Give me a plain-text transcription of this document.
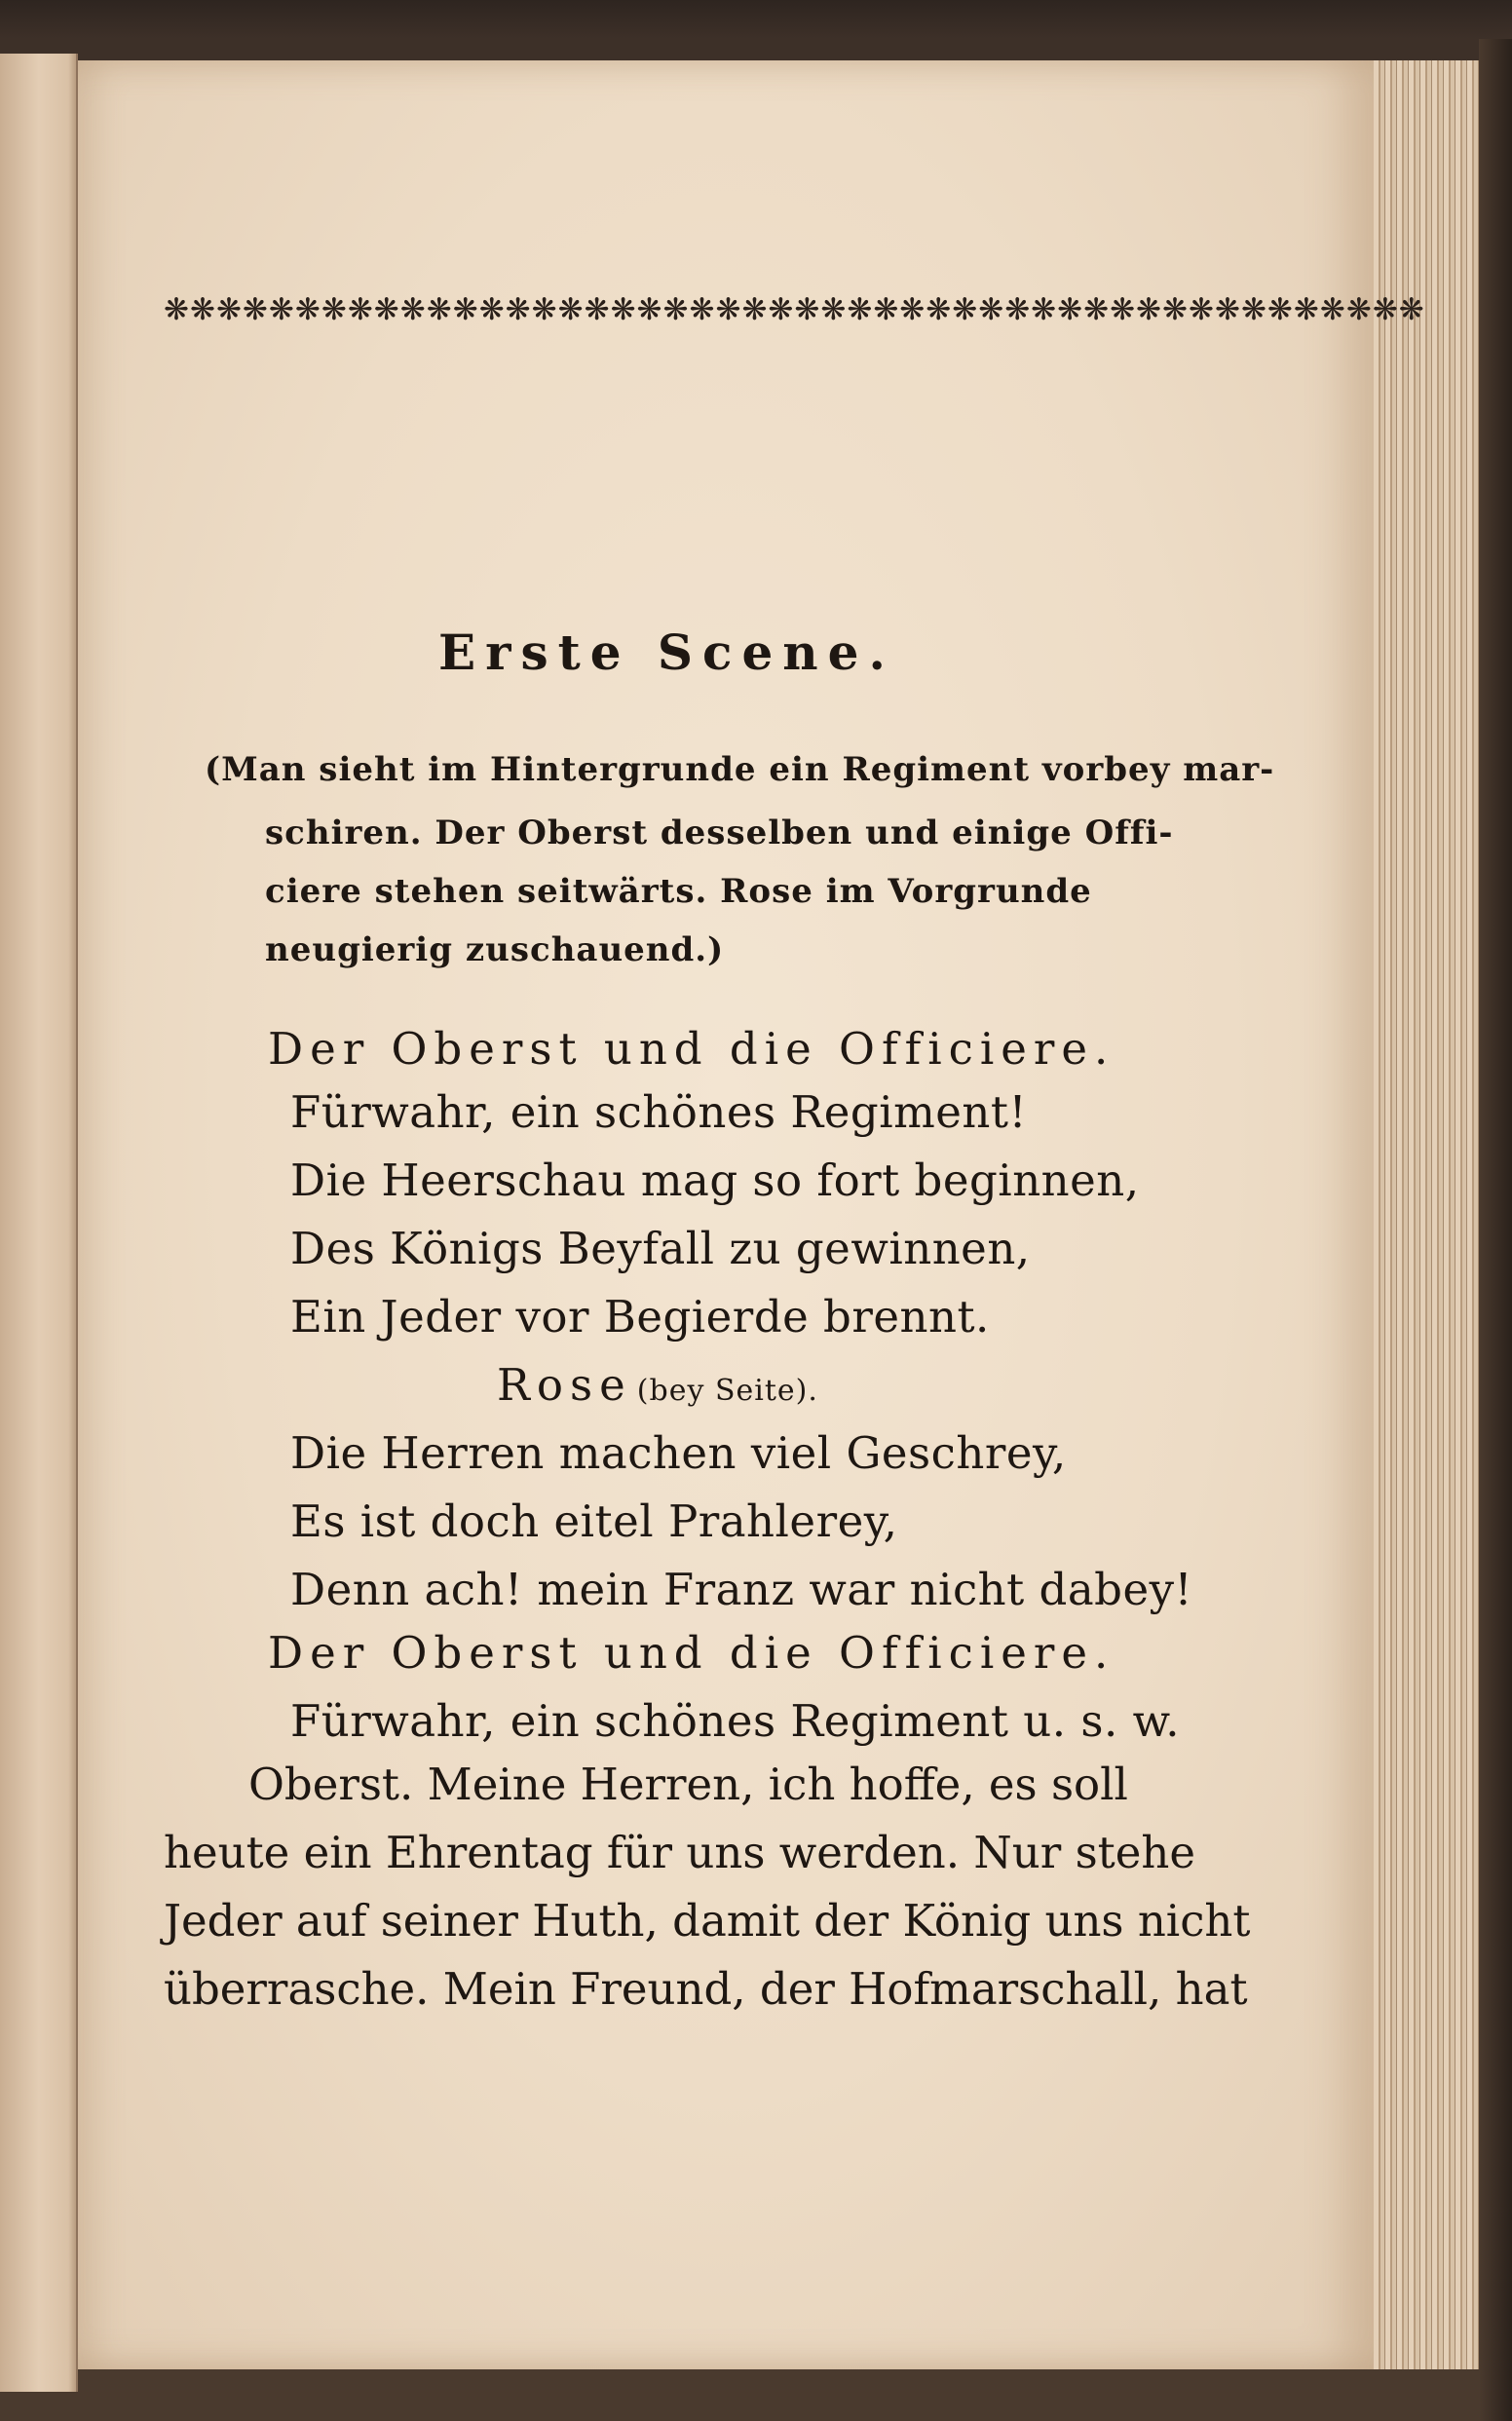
❋❋❋❋❋❋❋❋❋❋❋❋❋❋❋❋❋❋❋❋❋❋❋❋❋❋❋❋❋❋❋❋❋❋❋❋❋❋❋❋❋❋❋❋❋❋❋❋
Erste Scene.
(Man sieht im Hintergrunde ein Regiment vorbey mar-
schiren. Der Oberst desselben und einige Offi-
ciere stehen seitwärts. Rose im Vorgrunde
neugierig zuschauend.)
Der Oberst und die Officiere.
Fürwahr, ein schönes Regiment!
Die Heerschau mag so fort beginnen,
Des Königs Beyfall zu gewinnen,
Ein Jeder vor Begierde brennt.
Rose (bey Seite).
Die Herren machen viel Geschrey,
Es ist doch eitel Prahlerey,
Denn ach! mein Franz war nicht dabey!
Der Oberst und die Officiere.
Fürwahr, ein schönes Regiment u. s. w.
Oberst. Meine Herren, ich hoffe, es soll
heute ein Ehrentag für uns werden. Nur stehe
Jeder auf seiner Huth, damit der König uns nicht
überrasche. Mein Freund, der Hofmarschall, hat
